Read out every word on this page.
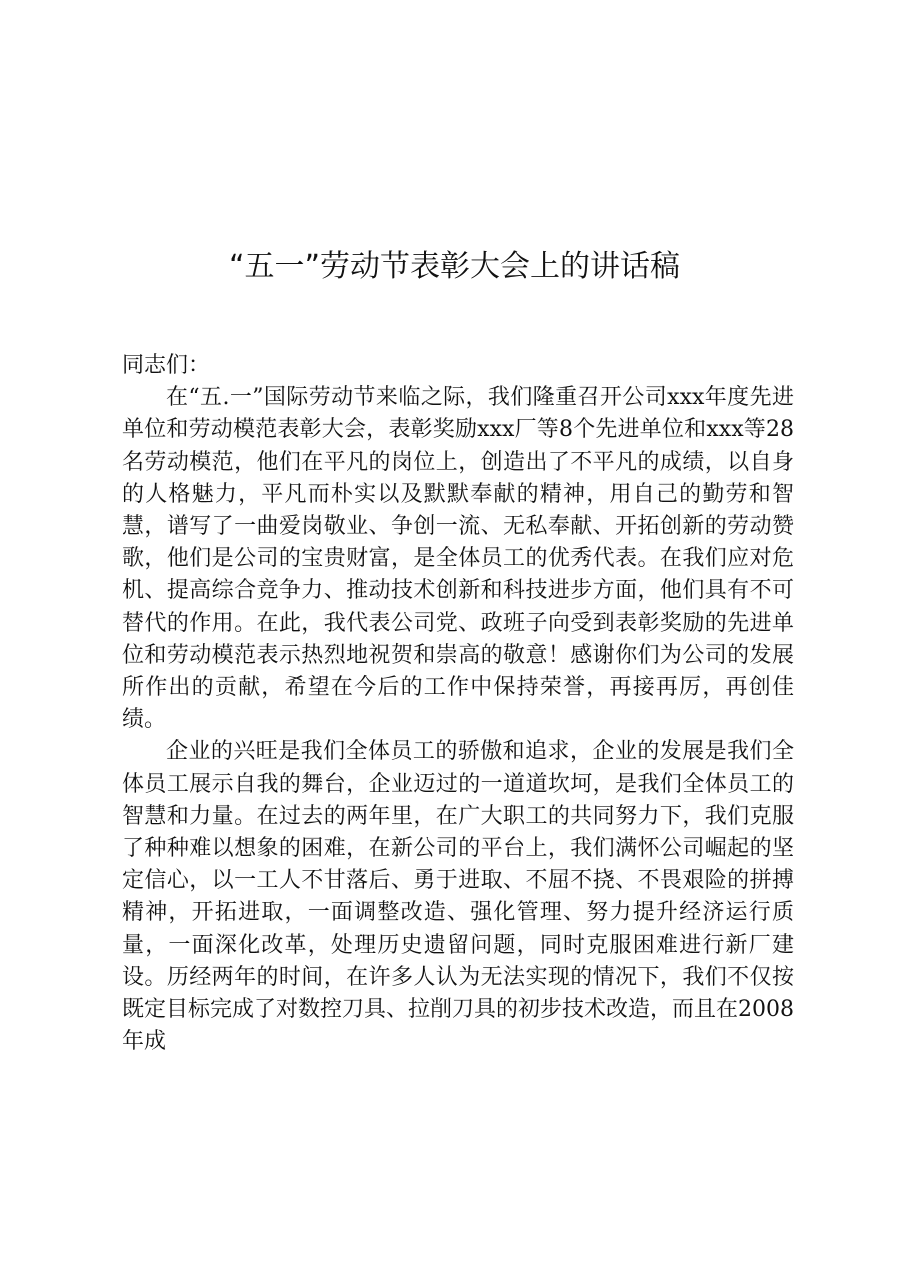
“五一”劳动节表彰大会上的讲话稿

同志们：

在“五.一”国际劳动节来临之际，我们隆重召开公司xxx年度先进单位和劳动模范表彰大会，表彰奖励xxx厂等8个先进单位和xxx等28名劳动模范，他们在平凡的岗位上，创造出了不平凡的成绩，以自身的人格魅力，平凡而朴实以及默默奉献的精神，用自己的勤劳和智慧，谱写了一曲爱岗敬业、争创一流、无私奉献、开拓创新的劳动赞歌，他们是公司的宝贵财富，是全体员工的优秀代表。在我们应对危机、提高综合竞争力、推动技术创新和科技进步方面，他们具有不可替代的作用。在此，我代表公司党、政班子向受到表彰奖励的先进单位和劳动模范表示热烈地祝贺和崇高的敬意！感谢你们为公司的发展所作出的贡献，希望在今后的工作中保持荣誉，再接再厉，再创佳绩。

企业的兴旺是我们全体员工的骄傲和追求，企业的发展是我们全体员工展示自我的舞台，企业迈过的一道道坎坷，是我们全体员工的智慧和力量。在过去的两年里，在广大职工的共同努力下，我们克服了种种难以想象的困难，在新公司的平台上，我们满怀公司崛起的坚定信心，以一工人不甘落后、勇于进取、不屈不挠、不畏艰险的拼搏精神，开拓进取，一面调整改造、强化管理、努力提升经济运行质量，一面深化改革，处理历史遗留问题，同时克服困难进行新厂建设。历经两年的时间，在许多人认为无法实现的情况下，我们不仅按既定目标完成了对数控刀具、拉削刀具的初步技术改造，而且在2008年成
